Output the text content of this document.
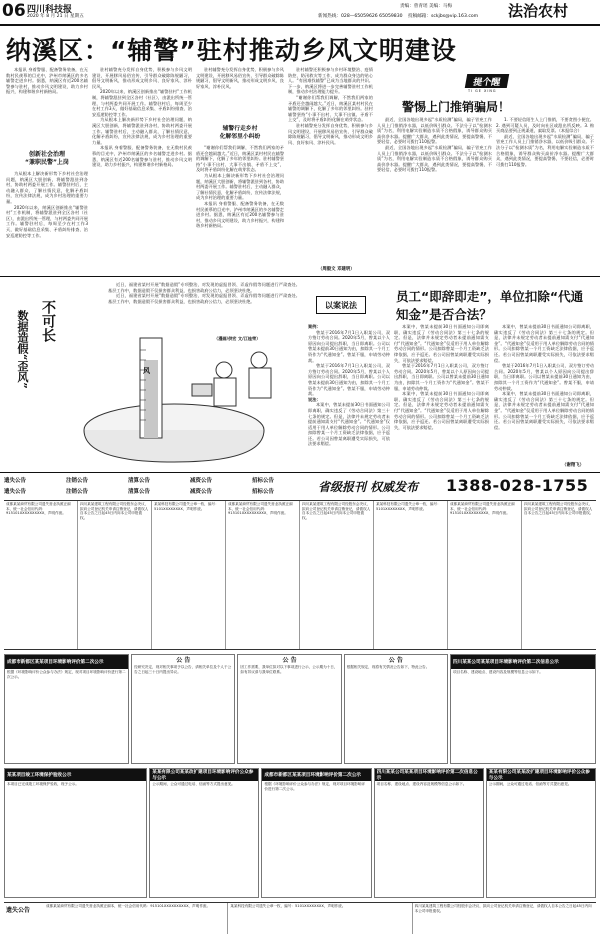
06 四川科技报
2020 年 8 月 21 日 星期五
责编：曾青瑶 美编：马梅
新闻热线：028—65059626 65059830 投稿邮箱：sckjbs@vip.163.com 法治农村
纳溪区：“辅警”驻村推动乡风文明建设

本报讯 身着警服、配备警务装备，在无数村民羡慕的目光中，泸州市纳溪区的多名辅警走进乡村。据悉，纳溪区有近200名辅警参与驻村，推动乡风文明建设，助力乡村振兴，构建和谐乡村新格局。

创新社会治理
“兼职民警”上岗

为从根本上解决新形势下乡村社会治理问题，纳溪区大胆创新，将辅警派驻到各村，协助村两委开展工作。辅警驻村后，主动融入群众，了解社情民意，化解矛盾纠纷，宣传法律法规，成为乡村治理的重要力量。

2020年以来，纳溪区创新推出“辅警驻村”工作机制，将辅警派驻到全区各村（社区），由派出所统一管理，与村两委共同开展工作。辅警驻村后，每周至少在村工作3天，做好基础信息采集、矛盾纠纷排查、治安巡逻防控等工作。

驻村辅警充分发挥自身优势，积极参与乡风文明建设，开展移风易俗宣传，引导群众破除陈规陋习，倡导文明新风，推动形成文明乡风、良好家风、淳朴民风。

2020年以来，纳溪区创新推出“辅警驻村”工作机制，将辅警派驻到全区各村（社区），由派出所统一管理，与村两委共同开展工作。辅警驻村后，每周至少在村工作3天，做好基础信息采集、矛盾纠纷排查、治安巡逻防控等工作。

为从根本上解决新形势下乡村社会治理问题，纳溪区大胆创新，将辅警派驻到各村，协助村两委开展工作。辅警驻村后，主动融入群众，了解社情民意，化解矛盾纠纷，宣传法律法规，成为乡村治理的重要力量。

本报讯 身着警服、配备警务装备，在无数村民羡慕的目光中，泸州市纳溪区的多名辅警走进乡村。据悉，纳溪区有近200名辅警参与驻村，推动乡风文明建设，助力乡村振兴，构建和谐乡村新格局。

驻村辅警充分发挥自身优势，积极参与乡风文明建设，开展移风易俗宣传，引导群众破除陈规陋习，倡导文明新风，推动形成文明乡风、良好家风、淳朴民风。

辅警行走乡村
化解邻里小纠纷

“谢谢你们帮我们调解，不然我们两家的矛盾还会越闹越大。”近日，纳溪区某村村民在辅警的调解下，化解了多年的邻里纠纷。驻村辅警坚持“小事不出村、大事不出镇、矛盾不上交”，及时将矛盾纠纷化解在萌芽状态。

为从根本上解决新形势下乡村社会治理问题，纳溪区大胆创新，将辅警派驻到各村，协助村两委开展工作。辅警驻村后，主动融入群众，了解社情民意，化解矛盾纠纷，宣传法律法规，成为乡村治理的重要力量。

本报讯 身着警服、配备警务装备，在无数村民羡慕的目光中，泸州市纳溪区的多名辅警走进乡村。据悉，纳溪区有近200名辅警参与驻村，推动乡风文明建设，助力乡村振兴，构建和谐乡村新格局。

驻村辅警还积极参与乡村环境整治、疫情防控、防汛救灾等工作，成为群众身边的贴心人。“有困难找辅警”已成为当地群众的共识。下一步，纳溪区将进一步完善辅警驻村工作机制，推动乡村治理能力提升。

“谢谢你们帮我们调解，不然我们两家的矛盾还会越闹越大。”近日，纳溪区某村村民在辅警的调解下，化解了多年的邻里纠纷。驻村辅警坚持“小事不出村、大事不出镇、矛盾不上交”，及时将矛盾纠纷化解在萌芽状态。

驻村辅警充分发挥自身优势，积极参与乡风文明建设，开展移风易俗宣传，引导群众破除陈规陋习，倡导文明新风，推动形成文明乡风、良好家风、淳朴民风。

（周毅文 邓建明）
提个醒
TI GE XING
警惕上门推销骗局！

最近，全国各地出现多起“水质检测”骗局，骗子冒充工作人员上门推销净水器，以低价吸引群众。不法分子以“检测水质”为名，利用电解实验制造水质不合格假象，诱导群众购买高价净水器。提醒广大群众，遇到此类情况，要提高警惕，不要轻信，必要时可拨打110报警。

最近，全国各地出现多起“水质检测”骗局，骗子冒充工作人员上门推销净水器，以低价吸引群众。不法分子以“检测水质”为名，利用电解实验制造水质不合格假象，诱导群众购买高价净水器。提醒广大群众，遇到此类情况，要提高警惕，不要轻信，必要时可拨打110报警。

1. 不要轻信陌生人上门推销，不要贪图小便宜。2. 遇到可疑人员，及时向社区或派出所反映。3. 购买商品要到正规渠道，索取发票。（本报综合）

最近，全国各地出现多起“水质检测”骗局，骗子冒充工作人员上门推销净水器，以低价吸引群众。不法分子以“检测水质”为名，利用电解实验制造水质不合格假象，诱导群众购买高价净水器。提醒广大群众，遇到此类情况，要提高警惕，不要轻信，必要时可拨打110报警。

近日，福建省某村开展“数据造假”专项整治，对发现的虚报冒领、弄虚作假等问题进行严肃查处。基层工作中，数据造假不仅损害群众利益，也损害政府公信力，必须坚决杜绝。

近日，福建省某村开展“数据造假”专项整治，对发现的虚报冒领、弄虚作假等问题进行严肃查处。基层工作中，数据造假不仅损害群众利益，也损害政府公信力，必须坚决杜绝。

（漫画/供宏 文/江桂荣）
不可长
数据造假“歪风”	风
以案说法
员工“即辞即走”，单位扣除“代通知金”是否合法？

案例：

曾某于2016年7月1日入职某公司，双方签订劳动合同。2020年5月，曾某以个人原因向公司提出辞职，当日即离职。公司以曾某未提前30日通知为由，扣除其一个月工资作为“代通知金”。曾某不服，申请劳动仲裁。

曾某于2016年7月1日入职某公司，双方签订劳动合同。2020年5月，曾某以个人原因向公司提出辞职，当日即离职。公司以曾某未提前30日通知为由，扣除其一个月工资作为“代通知金”。曾某不服，申请劳动仲裁。

说法：

本案中，曾某未提前30日书面通知公司即离职，确实违反了《劳动合同法》第三十七条的规定。但是，法律并未规定劳动者未提前通知需支付“代通知金”。“代通知金”仅适用于用人单位解除劳动合同的情形。公司扣除曾某一个月工资缺乏法律依据，应予返还。若公司因曾某离职遭受实际损失，可依法要求赔偿。

本案中，曾某未提前30日书面通知公司即离职，确实违反了《劳动合同法》第三十七条的规定。但是，法律并未规定劳动者未提前通知需支付“代通知金”。“代通知金”仅适用于用人单位解除劳动合同的情形。公司扣除曾某一个月工资缺乏法律依据，应予返还。若公司因曾某离职遭受实际损失，可依法要求赔偿。

曾某于2016年7月1日入职某公司，双方签订劳动合同。2020年5月，曾某以个人原因向公司提出辞职，当日即离职。公司以曾某未提前30日通知为由，扣除其一个月工资作为“代通知金”。曾某不服，申请劳动仲裁。

本案中，曾某未提前30日书面通知公司即离职，确实违反了《劳动合同法》第三十七条的规定。但是，法律并未规定劳动者未提前通知需支付“代通知金”。“代通知金”仅适用于用人单位解除劳动合同的情形。公司扣除曾某一个月工资缺乏法律依据，应予返还。若公司因曾某离职遭受实际损失，可依法要求赔偿。

本案中，曾某未提前30日书面通知公司即离职，确实违反了《劳动合同法》第三十七条的规定。但是，法律并未规定劳动者未提前通知需支付“代通知金”。“代通知金”仅适用于用人单位解除劳动合同的情形。公司扣除曾某一个月工资缺乏法律依据，应予返还。若公司因曾某离职遭受实际损失，可依法要求赔偿。

曾某于2016年7月1日入职某公司，双方签订劳动合同。2020年5月，曾某以个人原因向公司提出辞职，当日即离职。公司以曾某未提前30日通知为由，扣除其一个月工资作为“代通知金”。曾某不服，申请劳动仲裁。

本案中，曾某未提前30日书面通知公司即离职，确实违反了《劳动合同法》第三十七条的规定。但是，法律并未规定劳动者未提前通知需支付“代通知金”。“代通知金”仅适用于用人单位解除劳动合同的情形。公司扣除曾某一个月工资缺乏法律依据，应予返还。若公司因曾某离职遭受实际损失，可依法要求赔偿。

（谢翔飞）
遗失公告	注销公告	清算公告	减资公告	招标公告
遗失公告	注销公告	清算公告	减资公告	招标公告	省级报刊 权威发布 1388-028-1755
成都某某商贸有限公司遗失营业执照正副本，统一社会信用代码：915101XXXXXXXXXX，声明作废。
四川某某建筑工程有限公司经股东会决议，拟向公司登记机关申请注销登记，请债权人自本公告之日起45日内向本公司申报债权。
某某科技有限公司遗失公章一枚，编号：5101XXXXXXXX，声明作废。
成都某某商贸有限公司遗失营业执照正副本，统一社会信用代码：915101XXXXXXXXXX，声明作废。
四川某某建筑工程有限公司经股东会决议，拟向公司登记机关申请注销登记，请债权人自本公告之日起45日内向本公司申报债权。
某某科技有限公司遗失公章一枚，编号：5101XXXXXXXX，声明作废。
成都某某商贸有限公司遗失营业执照正副本，统一社会信用代码：915101XXXXXXXXXX，声明作废。
四川某某建筑工程有限公司经股东会决议，拟向公司登记机关申请注销登记，请债权人自本公告之日起45日内向本公司申报债权。
成都市新都区某某项目环境影响评价第二次公示
根据《环境影响评价公众参与办法》规定，现对项目环境影响评价进行第二次公示。
公 告
经研究决定，现对相关事项予以公告，请相关单位及个人于公告之日起三十日内提出异议。
公 告
因工作需要，我单位拟对以下事项进行公示，公示期为十日，如有异议请与我单位联系。
公 告
根据相关规定，现将有关情况公告如下，特此公告。
四川某某公司某某项目环境影响评价第二次信息公示
项目名称、建设地点、建设内容及规模等信息公示如下。
某某项目竣工环境保护验收公示
本项目已完成竣工环境保护验收，现予公示。
某某有限公司某某改扩建项目环境影响评价公众参与公示
公示期间，公众可通过电话、信函等方式提出意见。
成都市新都区某某项目环境影响评价第二次公示
根据《环境影响评价公众参与办法》规定，现对项目环境影响评价进行第二次公示。
四川某某公司某某项目环境影响评价第二次信息公示
项目名称、建设地点、建设内容及规模等信息公示如下。
某某有限公司某某改扩建项目环境影响评价公众参与公示
公示期间，公众可通过电话、信函等方式提出意见。
遗失公告
成都某某商贸有限公司遗失营业执照正副本，统一社会信用代码：915101XXXXXXXXXX，声明作废。	某某科技有限公司遗失公章一枚，编号：5101XXXXXXXX，声明作废。	四川某某建筑工程有限公司经股东会决议，拟向公司登记机关申请注销登记，请债权人自本公告之日起45日内向本公司申报债权。
